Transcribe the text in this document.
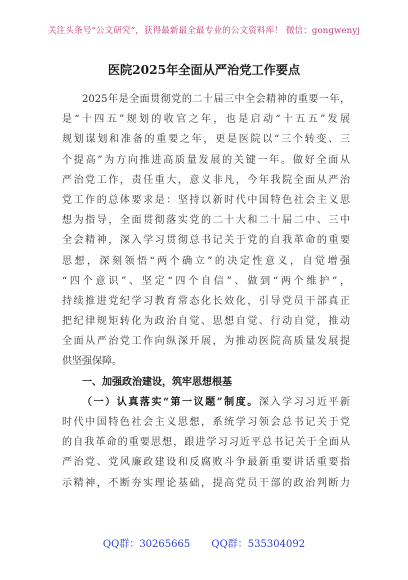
关注头条号“公文研究”，获得最新最全最专业的公文资料库！ 微信：gongwenyj
医院2025年全面从严治党工作要点
2025年是全面贯彻党的二十届三中全会精神的重要一年，
是“十四五”规划的收官之年，也是启动“十五五”发展
规划谋划和准备的重要之年，更是医院以“三个转变、三
个提高”为方向推进高质量发展的关键一年。做好全面从
严治党工作，责任重大，意义非凡，今年我院全面从严治
党工作的总体要求是：坚持以新时代中国特色社会主义思
想为指导，全面贯彻落实党的二十大和二十届二中、三中
全会精神，深入学习贯彻总书记关于党的自我革命的重要
思想，深刻领悟“两个确立”的决定性意义，自觉增强
“四个意识”、坚定“四个自信”、做到“两个维护”，
持续推进党纪学习教育常态化长效化，引导党员干部真正
把纪律规矩转化为政治自觉、思想自觉、行动自觉，推动
全面从严治党工作向纵深开展，为推动医院高质量发展提
供坚强保障。
一、加强政治建设，筑牢思想根基
（一）认真落实“第一议题”制度。深入学习习近平新
时代中国特色社会主义思想，系统学习领会总书记关于党
的自我革命的重要思想，跟进学习习近平总书记关于全面从
严治党、党风廉政建设和反腐败斗争最新重要讲话重要指
示精神，不断夯实理论基础，提高党员干部的政治判断力
QQ群：30265665 QQ群：535304092
